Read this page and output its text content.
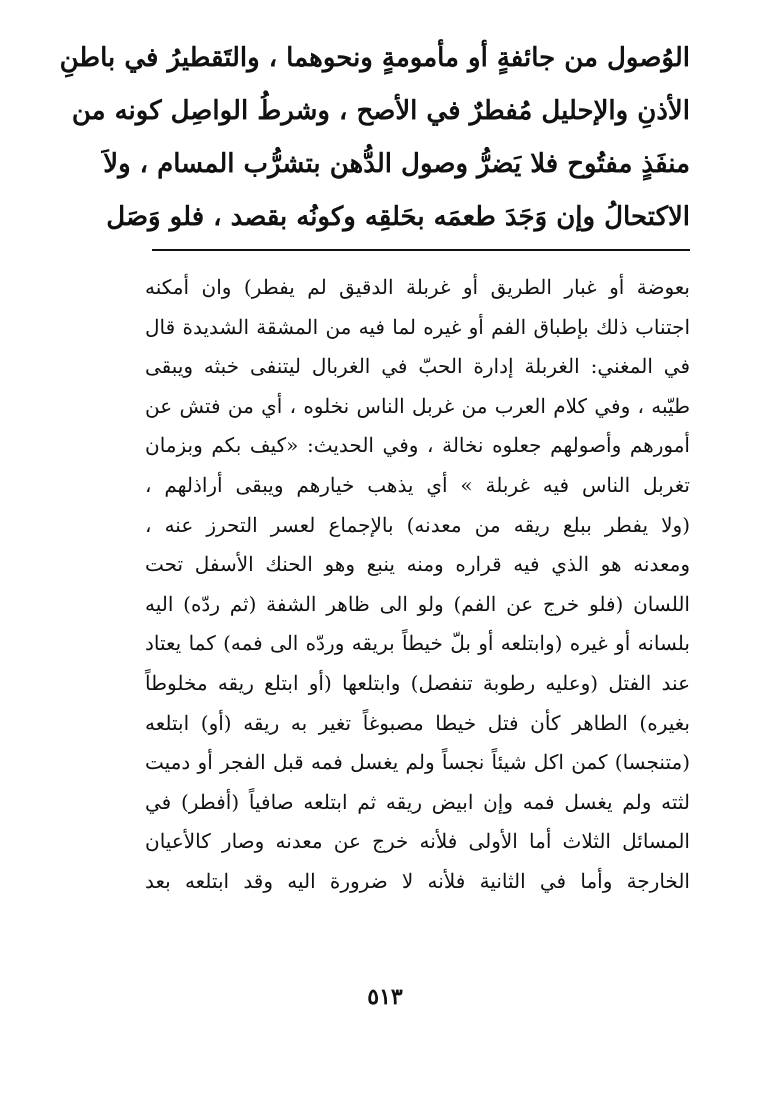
الوُصول من جائفةٍ أو مأمومةٍ ونحوهما ، والتَقطيرُ في باطنِ
الأذنِ والإحليل مُفطرٌ في الأصح ، وشرطُ الواصِل كونه من
منفَذٍ مفتُوح فلا يَضرُّ وصول الدُّهن بتشرُّب المسام ، ولاَ
الاكتحالُ وإن وَجَدَ طعمَه بحَلقِه وكونُه بقصد ، فلو وَصَل
بعوضة أو غبار الطريق أو غربلة الدقيق لم يفطر) وان أمكنه
اجتناب ذلك بإطباق الفم أو غيره لما فيه من المشقة الشديدة قال
في المغني: الغربلة إدارة الحبّ في الغربال ليتنفى خبثه ويبقى
طيّبه ، وفي كلام العرب من غربل الناس نخلوه ، أي من فتش عن
أمورهم وأصولهم جعلوه نخالة ، وفي الحديث: «كيف بكم وبزمان
تغربل الناس فيه غربلة » أي يذهب خيارهم ويبقى أراذلهم ،
(ولا يفطر ببلع ريقه من معدنه) بالإجماع لعسر التحرز عنه ،
ومعدنه هو الذي فيه قراره ومنه ينبع وهو الحنك الأسفل تحت
اللسان (فلو خرج عن الفم) ولو الى ظاهر الشفة (ثم ردّه) اليه
بلسانه أو غيره (وابتلعه أو بلّ خيطاً بريقه وردّه الى فمه) كما يعتاد
عند الفتل (وعليه رطوبة تنفصل) وابتلعها (أو ابتلع ريقه مخلوطاً
بغيره) الطاهر كأن فتل خيطا مصبوغاً تغير به ريقه (أو) ابتلعه
(متنجسا) كمن اكل شيئاً نجساً ولم يغسل فمه قبل الفجر أو دميت
لثته ولم يغسل فمه وإن ابيض ريقه ثم ابتلعه صافياً (أفطر) في
المسائل الثلاث أما الأولى فلأنه خرج عن معدنه وصار كالأعيان
الخارجة وأما في الثانية فلأنه لا ضرورة اليه وقد ابتلعه بعد
٥١٣
